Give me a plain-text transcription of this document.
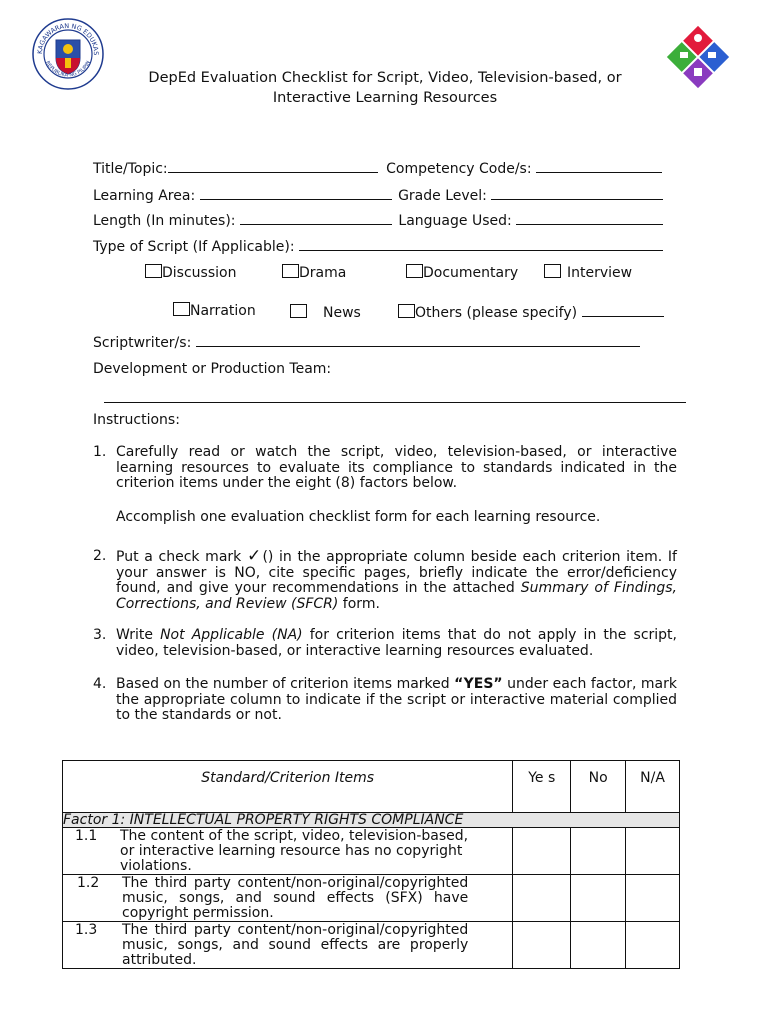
KAGAWARAN NG EDUKAS
REPUBLIKA NG PILIPIN
DepEd Evaluation Checklist for Script, Video, Television-based, or
Interactive Learning Resources
Title/Topic:	Competency Code/s:
Learning Area:	Grade Level:
Length (In minutes):	Language Used:
Type of Script (If Applicable):
Discussion	Drama	Documentary	Interview
Narration	News	Others (please specify)
Scriptwriter/s:
Development or Production Team:
Instructions:
1. Carefully read or watch the script, video, television-based, or interactive learning resources to evaluate its compliance to standards indicated in the criterion items under the eight (8) factors below.
Accomplish one evaluation checklist form for each learning resource.
2. Put a check mark ✓() in the appropriate column beside each criterion item. If your answer is NO, cite specific pages, briefly indicate the error/deficiency found, and give your recommendations in the attached Summary of Findings, Corrections, and Review (SFCR) form.
3. Write Not Applicable (NA) for criterion items that do not apply in the script, video, television-based, or interactive learning resources evaluated.
4. Based on the number of criterion items marked “YES” under each factor, mark the appropriate column to indicate if the script or interactive material complied to the standards or not.
Standard/Criterion Items	Ye s	No	N/A
Factor 1: INTELLECTUAL PROPERTY RIGHTS COMPLIANCE			

1.1 The content of the script, video, television-based, or interactive learning resource has no copyright violations.			

1.2 The third party content/non-original/copyrighted music, songs, and sound effects (SFX) have copyright permission.			

1.3 The third party content/non-original/copyrighted music, songs, and sound effects are properly attributed.			
